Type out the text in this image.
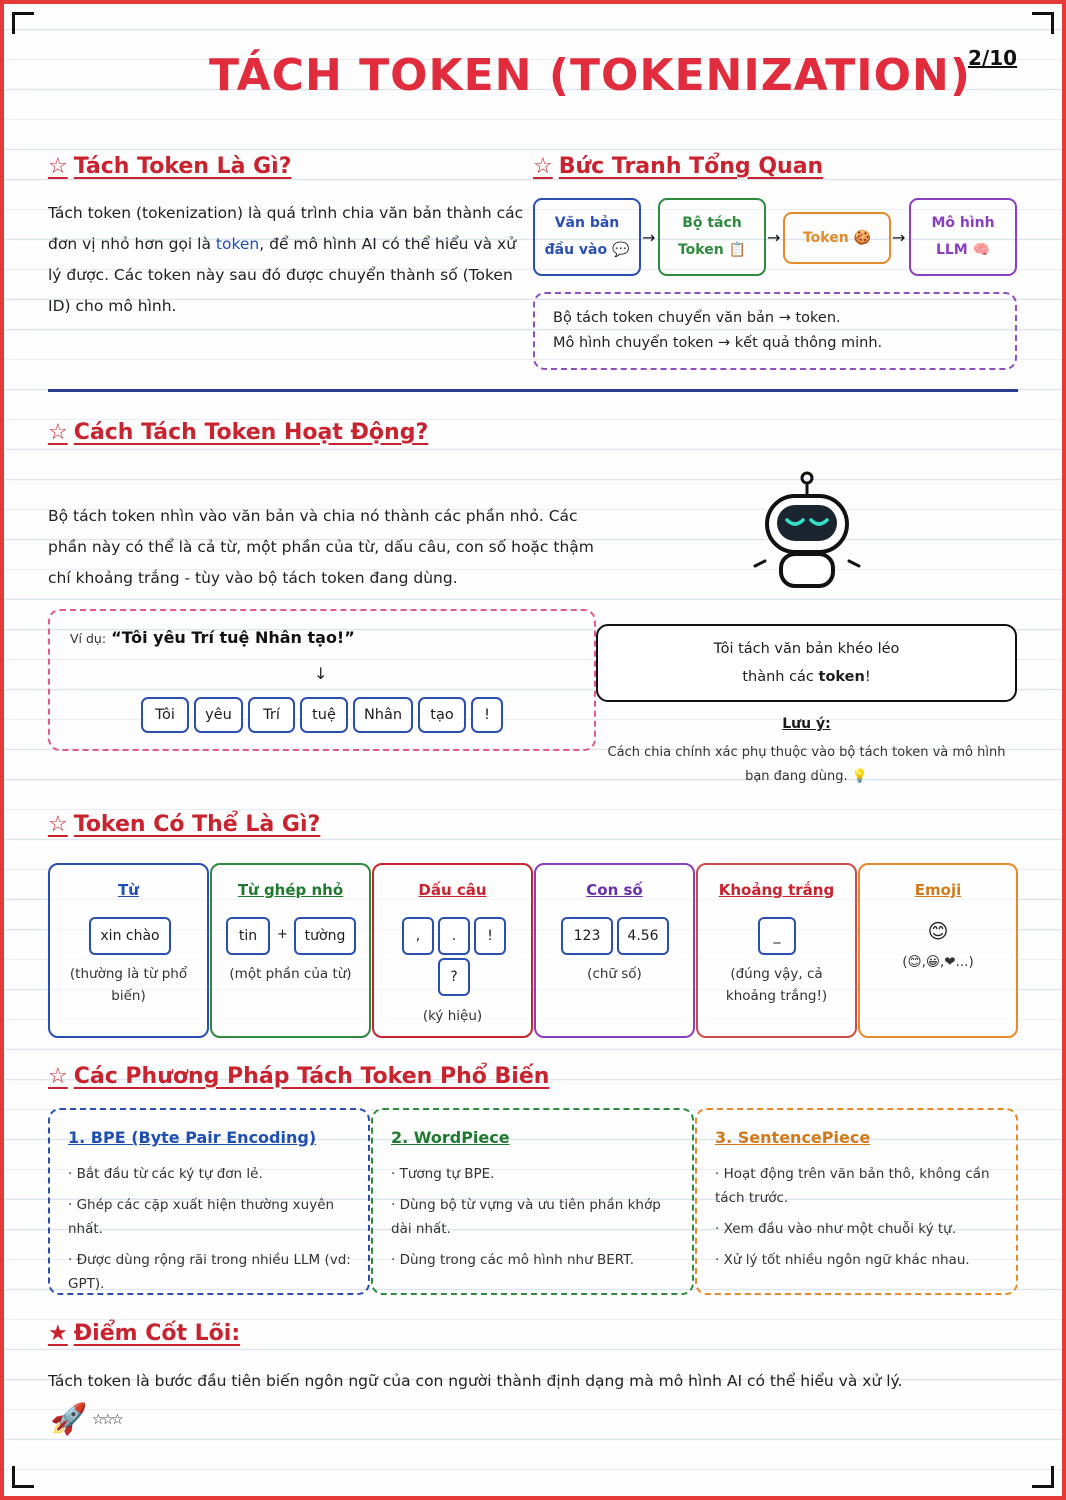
TÁCH TOKEN (TOKENIZATION)
2/10
☆ Tách Token Là Gì?

Tách token (tokenization) là quá trình chia văn bản thành các đơn vị nhỏ hơn gọi là token, để mô hình AI có thể hiểu và xử lý được. Các token này sau đó được chuyển thành số (Token ID) cho mô hình.

☆ Bức Tranh Tổng Quan
Văn bản
đầu vào 💬
→
Bộ tách
Token 📋
→ Token 🍪 →
Mô hình
LLM 🧠
Bộ tách token chuyển văn bản → token.
Mô hình chuyển token → kết quả thông minh.
☆ Cách Tách Token Hoạt Động?

Bộ tách token nhìn vào văn bản và chia nó thành các phần nhỏ. Các phần này có thể là cả từ, một phần của từ, dấu câu, con số hoặc thậm chí khoảng trắng - tùy vào bộ tách token đang dùng.

Ví dụ: “Tôi yêu Trí tuệ Nhân tạo!”
↓
Tôi	yêu	Trí	tuệ	Nhân	tạo	!
Tôi tách văn bản khéo léo
thành các token!
Lưu ý:
Cách chia chính xác phụ thuộc vào bộ tách token và mô hình bạn đang dùng. 💡
☆ Token Có Thể Là Gì?
Từ
xin chào
(thường là từ phổ biến)
Từ ghép nhỏ
tin	+	tường
(một phần của từ)
Dấu câu
,	.	!
?
(ký hiệu)
Con số
123	4.56
(chữ số)
Khoảng trắng
_
(đúng vậy, cả khoảng trắng!)
Emoji
😊
(😊,😀,❤...)
☆ Các Phương Pháp Tách Token Phổ Biến
1. BPE (Byte Pair Encoding)
· Bắt đầu từ các ký tự đơn lẻ.
· Ghép các cặp xuất hiện thường xuyên nhất.
· Được dùng rộng rãi trong nhiều LLM (vd: GPT).
2. WordPiece
· Tương tự BPE.
· Dùng bộ từ vựng và ưu tiên phần khớp dài nhất.
· Dùng trong các mô hình như BERT.
3. SentencePiece
· Hoạt động trên văn bản thô, không cần tách trước.
· Xem đầu vào như một chuỗi ký tự.
· Xử lý tốt nhiều ngôn ngữ khác nhau.
★ Điểm Cốt Lõi:

Tách token là bước đầu tiên biến ngôn ngữ của con người thành định dạng mà mô hình AI có thể hiểu và xử lý.

🚀 ☆☆☆
